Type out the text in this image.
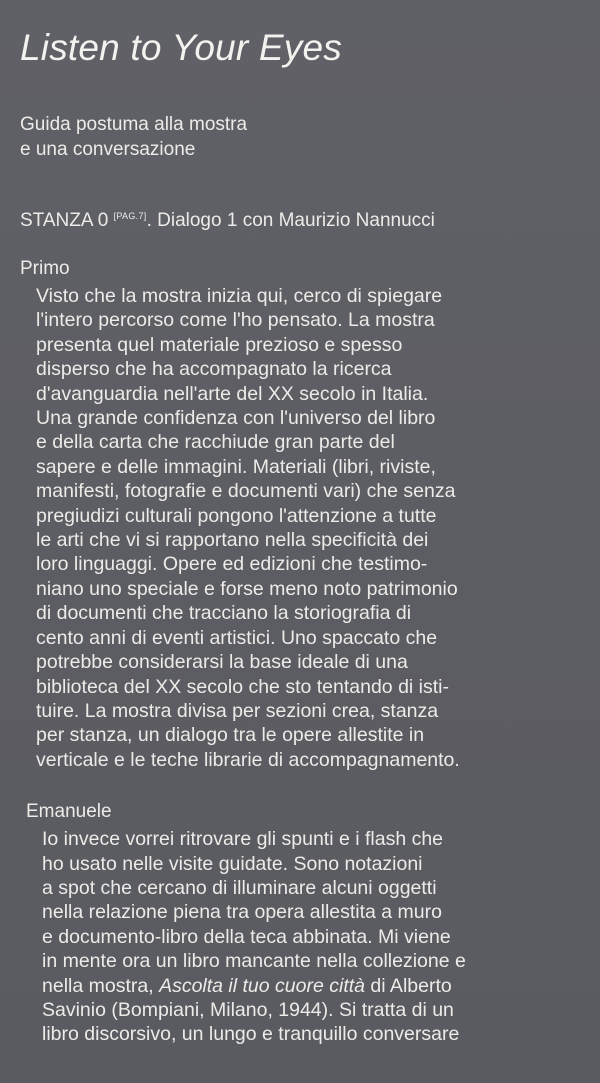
Listen to Your Eyes
Guida postuma alla mostra
e una conversazione
STANZA 0 [PAG.7]. Dialogo 1 con Maurizio Nannucci
Primo
Visto che la mostra inizia qui, cerco di spiegare
l'intero percorso come l'ho pensato. La mostra
presenta quel materiale prezioso e spesso
disperso che ha accompagnato la ricerca
d'avanguardia nell'arte del XX secolo in Italia.
Una grande confidenza con l'universo del libro
e della carta che racchiude gran parte del
sapere e delle immagini. Materiali (libri, riviste,
manifesti, fotografie e documenti vari) che senza
pregiudizi culturali pongono l'attenzione a tutte
le arti che vi si rapportano nella specificità dei
loro linguaggi. Opere ed edizioni che testimo-
niano uno speciale e forse meno noto patrimonio
di documenti che tracciano la storiografia di
cento anni di eventi artistici. Uno spaccato che
potrebbe considerarsi la base ideale di una
biblioteca del XX secolo che sto tentando di isti-
tuire. La mostra divisa per sezioni crea, stanza
per stanza, un dialogo tra le opere allestite in
verticale e le teche librarie di accompagnamento.
Emanuele
Io invece vorrei ritrovare gli spunti e i flash che
ho usato nelle visite guidate. Sono notazioni
a spot che cercano di illuminare alcuni oggetti
nella relazione piena tra opera allestita a muro
e documento-libro della teca abbinata. Mi viene
in mente ora un libro mancante nella collezione e
nella mostra, Ascolta il tuo cuore città di Alberto
Savinio (Bompiani, Milano, 1944). Si tratta di un
libro discorsivo, un lungo e tranquillo conversare
